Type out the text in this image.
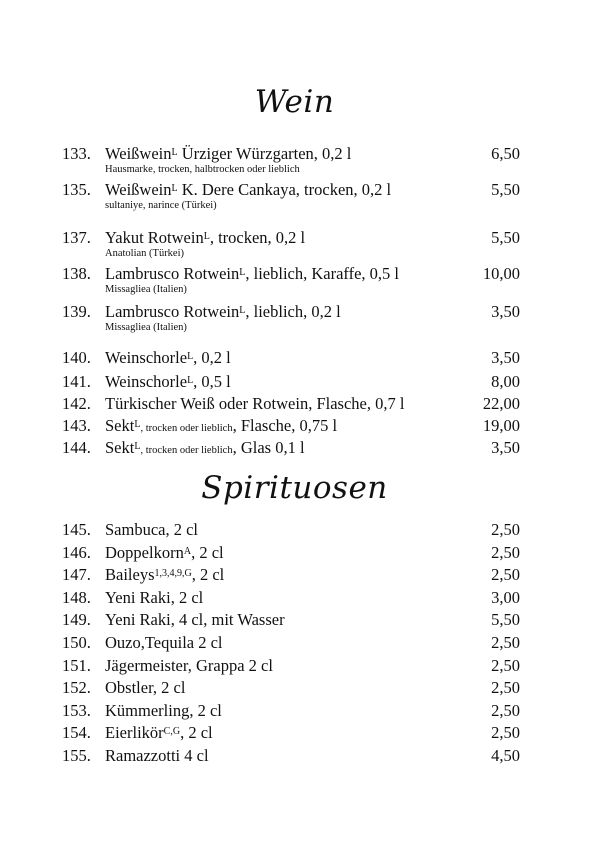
Wein
Spirituosen
133. Weißwein$^L$ Ürziger Würzgarten, 0,2 l	6,50
Hausmarke, trocken, halbtrocken oder lieblich
135. Weißwein$^L$ K. Dere Cankaya, trocken, 0,2 l	5,50
sultaniye, narince (Türkei)
137. Yakut Rotwein$^L$, trocken, 0,2 l	5,50
Anatolian (Türkei)
138. Lambrusco Rotwein$^L$, lieblich, Karaffe, 0,5 l	10,00
Missagliea (Italien)
139. Lambrusco Rotwein$^L$, lieblich, 0,2 l	3,50
Missagliea (Italien)
140. Weinschorle$^L$, 0,2 l	3,50
141. Weinschorle$^L$, 0,5 l	8,00
142. Türkischer Weiß oder Rotwein, Flasche, 0,7 l	22,00
143. Sekt$^L$, trocken oder lieblich, Flasche, 0,75 l	19,00
144. Sekt$^L$, trocken oder lieblich, Glas 0,1 l	3,50
145. Sambuca, 2 cl	2,50
146. Doppelkorn$^A$, 2 cl	2,50
147. Baileys$^{1,3,4,9,G}$, 2 cl	2,50
148. Yeni Raki, 2 cl	3,00
149. Yeni Raki, 4 cl, mit Wasser	5,50
150. Ouzo,Tequila 2 cl	2,50
151. Jägermeister, Grappa 2 cl	2,50
152. Obstler, 2 cl	2,50
153. Kümmerling, 2 cl	2,50
154. Eierlikör$^{C,G}$, 2 cl	2,50
155. Ramazzotti 4 cl	4,50
